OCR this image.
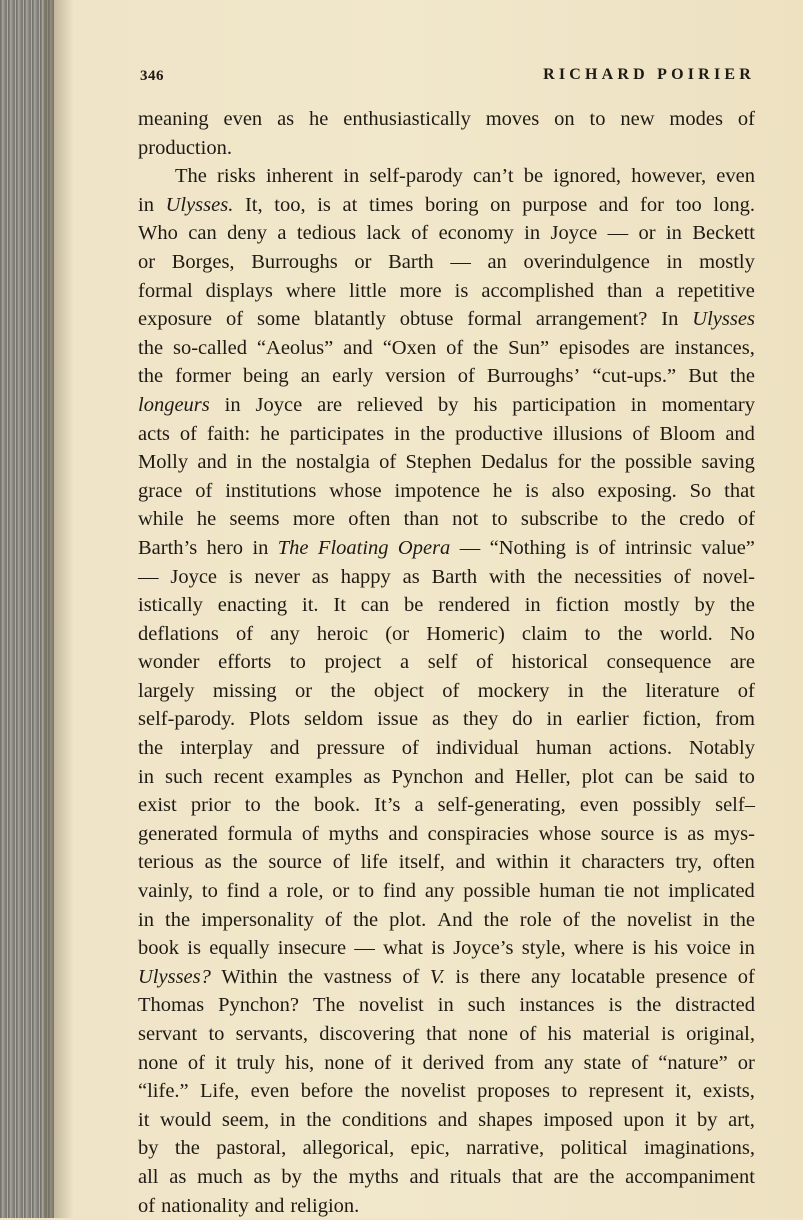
346	RICHARD POIRIER
meaning even as he enthusiastically moves on to new modes of
production.
The risks inherent in self-parody can’t be ignored, however, even
in Ulysses. It, too, is at times boring on purpose and for too long.
Who can deny a tedious lack of economy in Joyce — or in Beckett
or Borges, Burroughs or Barth — an overindulgence in mostly
formal displays where little more is accomplished than a repetitive
exposure of some blatantly obtuse formal arrangement? In Ulysses
the so-called “Aeolus” and “Oxen of the Sun” episodes are instances,
the former being an early version of Burroughs’ “cut-ups.” But the
longeurs in Joyce are relieved by his participation in momentary
acts of faith: he participates in the productive illusions of Bloom and
Molly and in the nostalgia of Stephen Dedalus for the possible saving
grace of institutions whose impotence he is also exposing. So that
while he seems more often than not to subscribe to the credo of
Barth’s hero in The Floating Opera — “Nothing is of intrinsic value”
— Joyce is never as happy as Barth with the necessities of novel-
istically enacting it. It can be rendered in fiction mostly by the
deflations of any heroic (or Homeric) claim to the world. No
wonder efforts to project a self of historical consequence are
largely missing or the object of mockery in the literature of
self-parody. Plots seldom issue as they do in earlier fiction, from
the interplay and pressure of individual human actions. Notably
in such recent examples as Pynchon and Heller, plot can be said to
exist prior to the book. It’s a self-generating, even possibly self–
generated formula of myths and conspiracies whose source is as mys-
terious as the source of life itself, and within it characters try, often
vainly, to find a role, or to find any possible human tie not implicated
in the impersonality of the plot. And the role of the novelist in the
book is equally insecure — what is Joyce’s style, where is his voice in
Ulysses? Within the vastness of V. is there any locatable presence of
Thomas Pynchon? The novelist in such instances is the distracted
servant to servants, discovering that none of his material is original,
none of it truly his, none of it derived from any state of “nature” or
“life.” Life, even before the novelist proposes to represent it, exists,
it would seem, in the conditions and shapes imposed upon it by art,
by the pastoral, allegorical, epic, narrative, political imaginations,
all as much as by the myths and rituals that are the accompaniment
of nationality and religion.
